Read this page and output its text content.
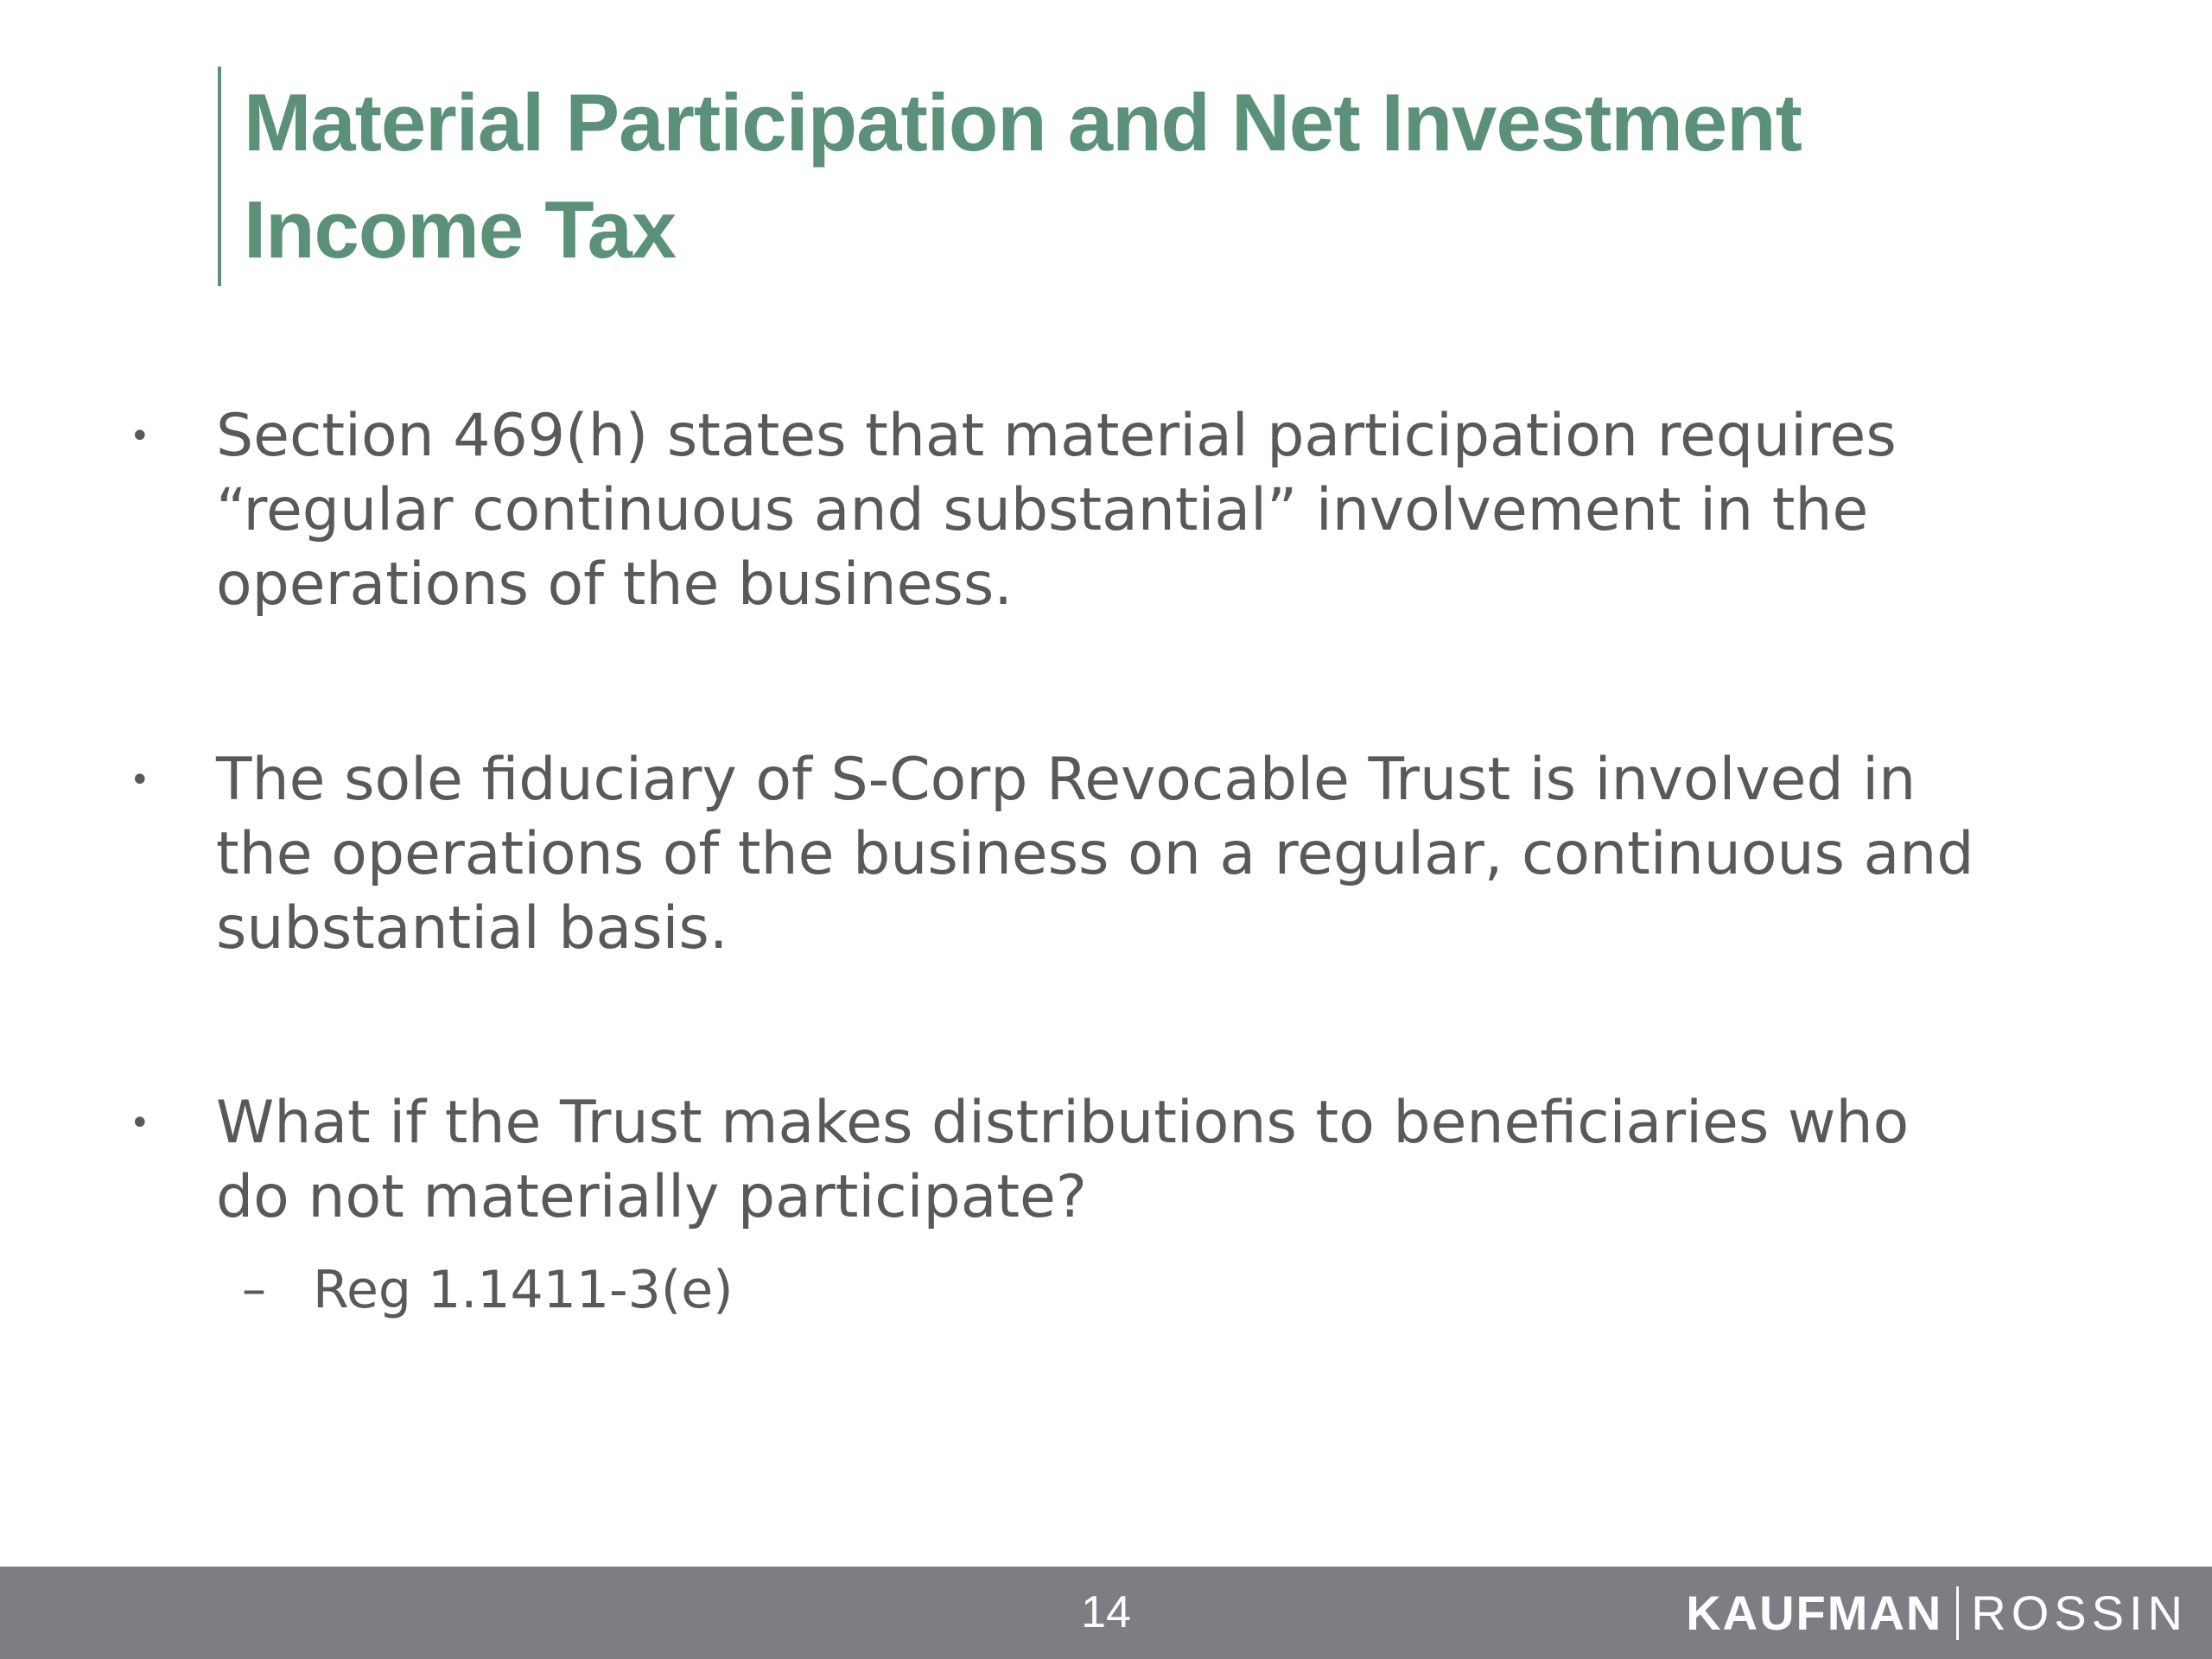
Material Participation and Net Investment Income Tax
• Section 469(h) states that material participation requires
“regular continuous and substantial” involvement in the
operations of the business.
• The sole fiduciary of S-Corp Revocable Trust is involved in
the operations of the business on a regular, continuous and
substantial basis.
• What if the Trust makes distributions to beneficiaries who
do not materially participate?
– Reg 1.1411-3(e)
14	KAUFMAN ROSSIN
